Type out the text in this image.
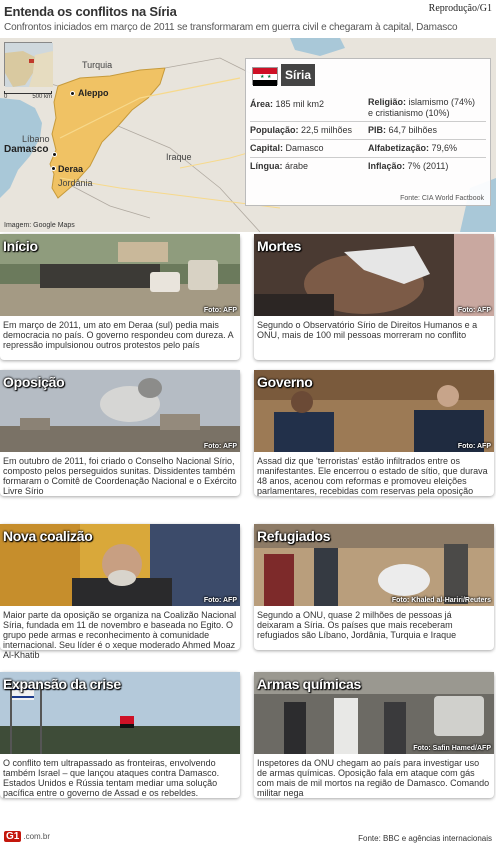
Entenda os conflitos na Síria	Reprodução/G1
Confrontos iniciados em março de 2011 se transformaram em guerra civil e chegaram à capital, Damasco
0	500 km
Turquia
Aleppo
Líbano
Damasco
Deraa
Jordânia
Iraque
Imagem: Google Maps
★ ★	Síria
Área: 185 mil km2	Religião: islamismo (74%)
e cristianismo (10%)
População: 22,5 milhões PIB: 64,7 bilhões
Capital: Damasco	Alfabetização: 79,6%
Língua: árabe	Inflação: 7% (2011)
Fonte: CIA World Factbook
Início
Foto: AFP
Em março de 2011, um ato em Deraa (sul) pedia mais democracia no país. O governo respondeu com dureza. A repressão impulsionou outros protestos pelo país
Mortes
Foto: AFP
Segundo o Observatório Sírio de Direitos Humanos e a ONU, mais de 100 mil pessoas morreram no conflito
Oposição
Foto: AFP
Em outubro de 2011, foi criado o Conselho Nacional Sírio, composto pelos perseguidos sunitas. Dissidentes também formaram o Comitê de Coordenação Nacional e o Exército Livre Sírio
Governo
Foto: AFP
Assad diz que 'terroristas' estão infiltrados entre os manifestantes. Ele encerrou o estado de sítio, que durava 48 anos, acenou com reformas e promoveu eleições parlamentares, recebidas com reservas pela oposição
Nova coalizão
Foto: AFP
Maior parte da oposição se organiza na Coalizão Nacional Síria, fundada em 11 de novembro e baseada no Egito. O grupo pede armas e reconhecimento à comunidade internacional. Seu líder é o xeque moderado Ahmed Moaz Al-Khatib
Refugiados
Foto: Khaled al-Hariri/Reuters
Segundo a ONU, quase 2 milhões de pessoas já deixaram a Síria. Os países que mais receberam refugiados são Líbano, Jordânia, Turquia e Iraque
Expansão da crise
O conflito tem ultrapassado as fronteiras, envolvendo também Israel – que lançou ataques contra Damasco. Estados Unidos e Rússia tentam mediar uma solução pacífica entre o governo de Assad e os rebeldes.
Armas químicas
Foto: Safin Hamed/AFP
Inspetores da ONU chegam ao país para investigar uso de armas químicas. Oposição fala em ataque com gás com mais de mil mortos na região de Damasco. Comando militar nega
G1 .com.br	Fonte: BBC e agências internacionais
